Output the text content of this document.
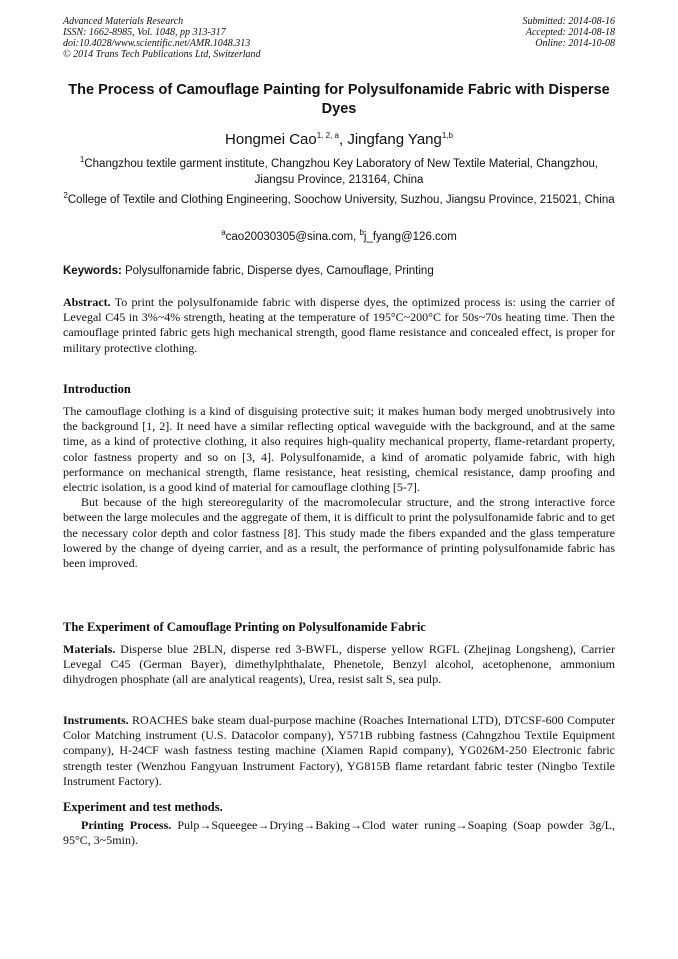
Advanced Materials Research
ISSN: 1662-8985, Vol. 1048, pp 313-317
doi:10.4028/www.scientific.net/AMR.1048.313
© 2014 Trans Tech Publications Ltd, Switzerland
Submitted: 2014-08-16
Accepted: 2014-08-18
Online: 2014-10-08
The Process of Camouflage Painting for Polysulfonamide Fabric with Disperse Dyes
Hongmei Cao$^{1, 2, a}$, Jingfang Yang$^{1,b}$
$^1$Changzhou textile garment institute, Changzhou Key Laboratory of New Textile Material, Changzhou, Jiangsu Province, 213164, China
$^2$College of Textile and Clothing Engineering, Soochow University, Suzhou, Jiangsu Province, 215021, China
$^a$cao20030305@sina.com, $^b$j_fyang@126.com
Keywords: Polysulfonamide fabric, Disperse dyes, Camouflage, Printing

Abstract. To print the polysulfonamide fabric with disperse dyes, the optimized process is: using the carrier of Levegal C45 in 3%~4% strength, heating at the temperature of 195°C~200°C for 50s~70s heating time. Then the camouflage printed fabric gets high mechanical strength, good flame resistance and concealed effect, is proper for military protective clothing.

Introduction

The camouflage clothing is a kind of disguising protective suit; it makes human body merged unobtrusively into the background [1, 2]. It need have a similar reflecting optical waveguide with the background, and at the same time, as a kind of protective clothing, it also requires high-quality mechanical property, flame-retardant property, color fastness property and so on [3, 4]. Polysulfonamide, a kind of aromatic polyamide fabric, with high performance on mechanical strength, flame resistance, heat resisting, chemical resistance, damp proofing and electric isolation, is a good kind of material for camouflage clothing [5-7].

But because of the high stereoregularity of the macromolecular structure, and the strong interactive force between the large molecules and the aggregate of them, it is difficult to print the polysulfonamide fabric and to get the necessary color depth and color fastness [8]. This study made the fibers expanded and the glass temperature lowered by the change of dyeing carrier, and as a result, the performance of printing polysulfonamide fabric has been improved.

The Experiment of Camouflage Printing on Polysulfonamide Fabric

Materials. Disperse blue 2BLN, disperse red 3-BWFL, disperse yellow RGFL (Zhejinag Longsheng), Carrier Levegal C45 (German Bayer), dimethylphthalate, Phenetole, Benzyl alcohol, acetophenone, ammonium dihydrogen phosphate (all are analytical reagents), Urea, resist salt S, sea pulp.

Instruments. ROACHES bake steam dual-purpose machine (Roaches International LTD), DTCSF-600 Computer Color Matching instrument (U.S. Datacolor company), Y571B rubbing fastness (Cahngzhou Textile Equipment company), H-24CF wash fastness testing machine (Xiamen Rapid company), YG026M-250 Electronic fabric strength tester (Wenzhou Fangyuan Instrument Factory), YG815B flame retardant fabric tester (Ningbo Textile Instrument Factory).

Experiment and test methods.

Printing Process. Pulp→Squeegee→Drying→Baking→Clod water runing→Soaping (Soap powder 3g/L, 95°C, 3~5min).
